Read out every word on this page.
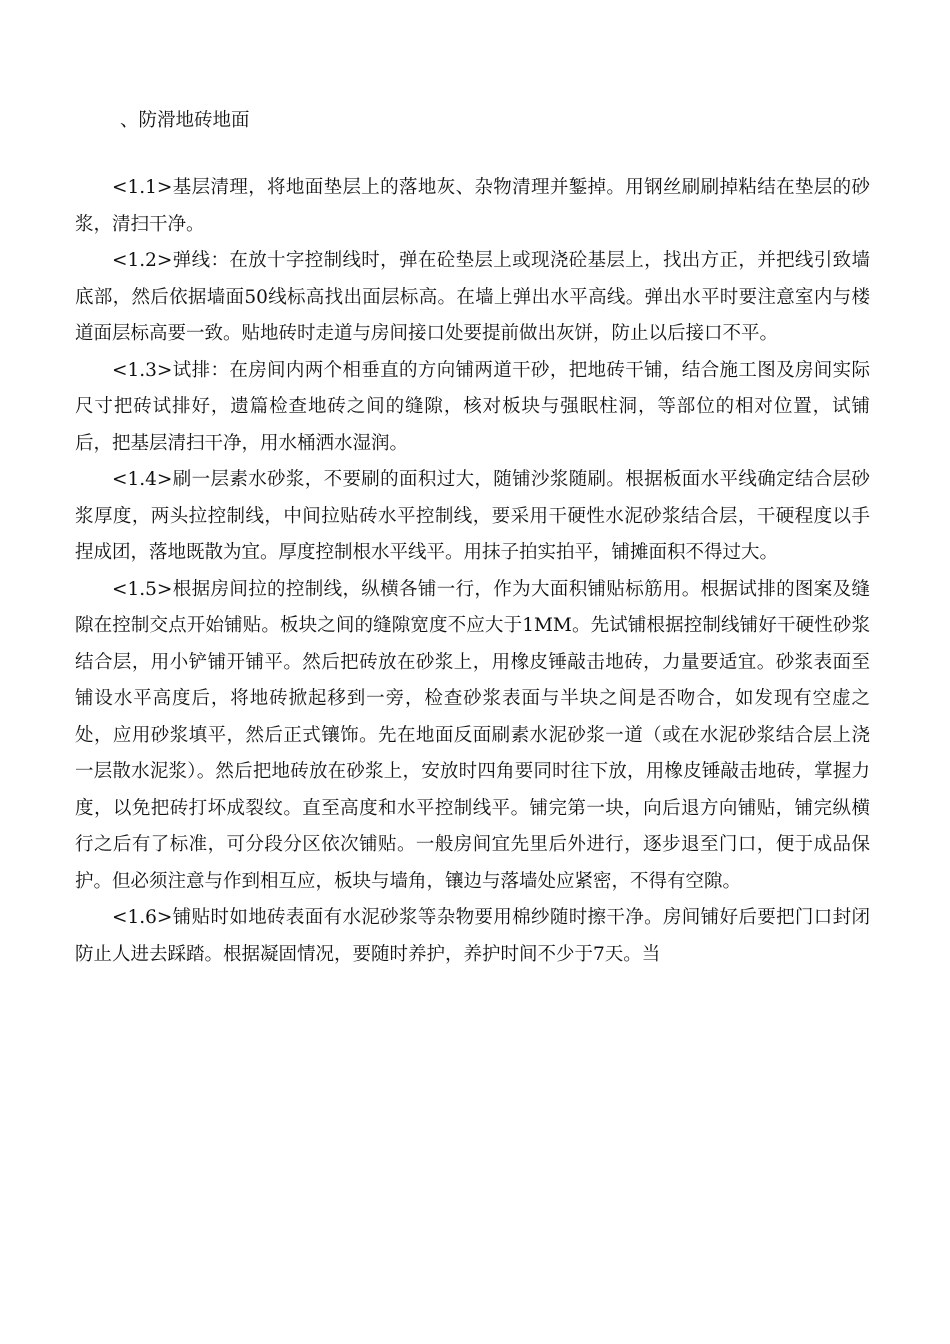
、防滑地砖地面

<1.1>基层清理，将地面垫层上的落地灰、杂物清理并錾掉。用钢丝刷刷掉粘结在垫层的砂浆，清扫干净。

<1.2>弹线：在放十字控制线时，弹在砼垫层上或现浇砼基层上，找出方正，并把线引致墙底部，然后依据墙面50线标高找出面层标高。在墙上弹出水平高线。弹出水平时要注意室内与楼道面层标高要一致。贴地砖时走道与房间接口处要提前做出灰饼，防止以后接口不平。

<1.3>试排：在房间内两个相垂直的方向铺两道干砂，把地砖干铺，结合施工图及房间实际尺寸把砖试排好，遗篇检查地砖之间的缝隙，核对板块与强眠柱洞，等部位的相对位置，试铺后，把基层清扫干净，用水桶洒水湿润。

<1.4>刷一层素水砂浆，不要刷的面积过大，随铺沙浆随刷。根据板面水平线确定结合层砂浆厚度，两头拉控制线，中间拉贴砖水平控制线，要采用干硬性水泥砂浆结合层，干硬程度以手捏成团，落地既散为宜。厚度控制根水平线平。用抹子拍实拍平，铺摊面积不得过大。

<1.5>根据房间拉的控制线，纵横各铺一行，作为大面积铺贴标筋用。根据试排的图案及缝隙在控制交点开始铺贴。板块之间的缝隙宽度不应大于1MM。先试铺根据控制线铺好干硬性砂浆结合层，用小铲铺开铺平。然后把砖放在砂浆上，用橡皮锤敲击地砖，力量要适宜。砂浆表面至铺设水平高度后，将地砖掀起移到一旁，检查砂浆表面与半块之间是否吻合，如发现有空虚之处，应用砂浆填平，然后正式镶饰。先在地面反面刷素水泥砂浆一道（或在水泥砂浆结合层上浇一层散水泥浆）。然后把地砖放在砂浆上，安放时四角要同时往下放，用橡皮锤敲击地砖，掌握力度，以免把砖打坏成裂纹。直至高度和水平控制线平。铺完第一块，向后退方向铺贴，铺完纵横行之后有了标准，可分段分区依次铺贴。一般房间宜先里后外进行，逐步退至门口，便于成品保护。但必须注意与作到相互应，板块与墙角，镶边与落墙处应紧密，不得有空隙。

<1.6>铺贴时如地砖表面有水泥砂浆等杂物要用棉纱随时擦干净。房间铺好后要把门口封闭防止人进去踩踏。根据凝固情况，要随时养护，养护时间不少于7天。当
